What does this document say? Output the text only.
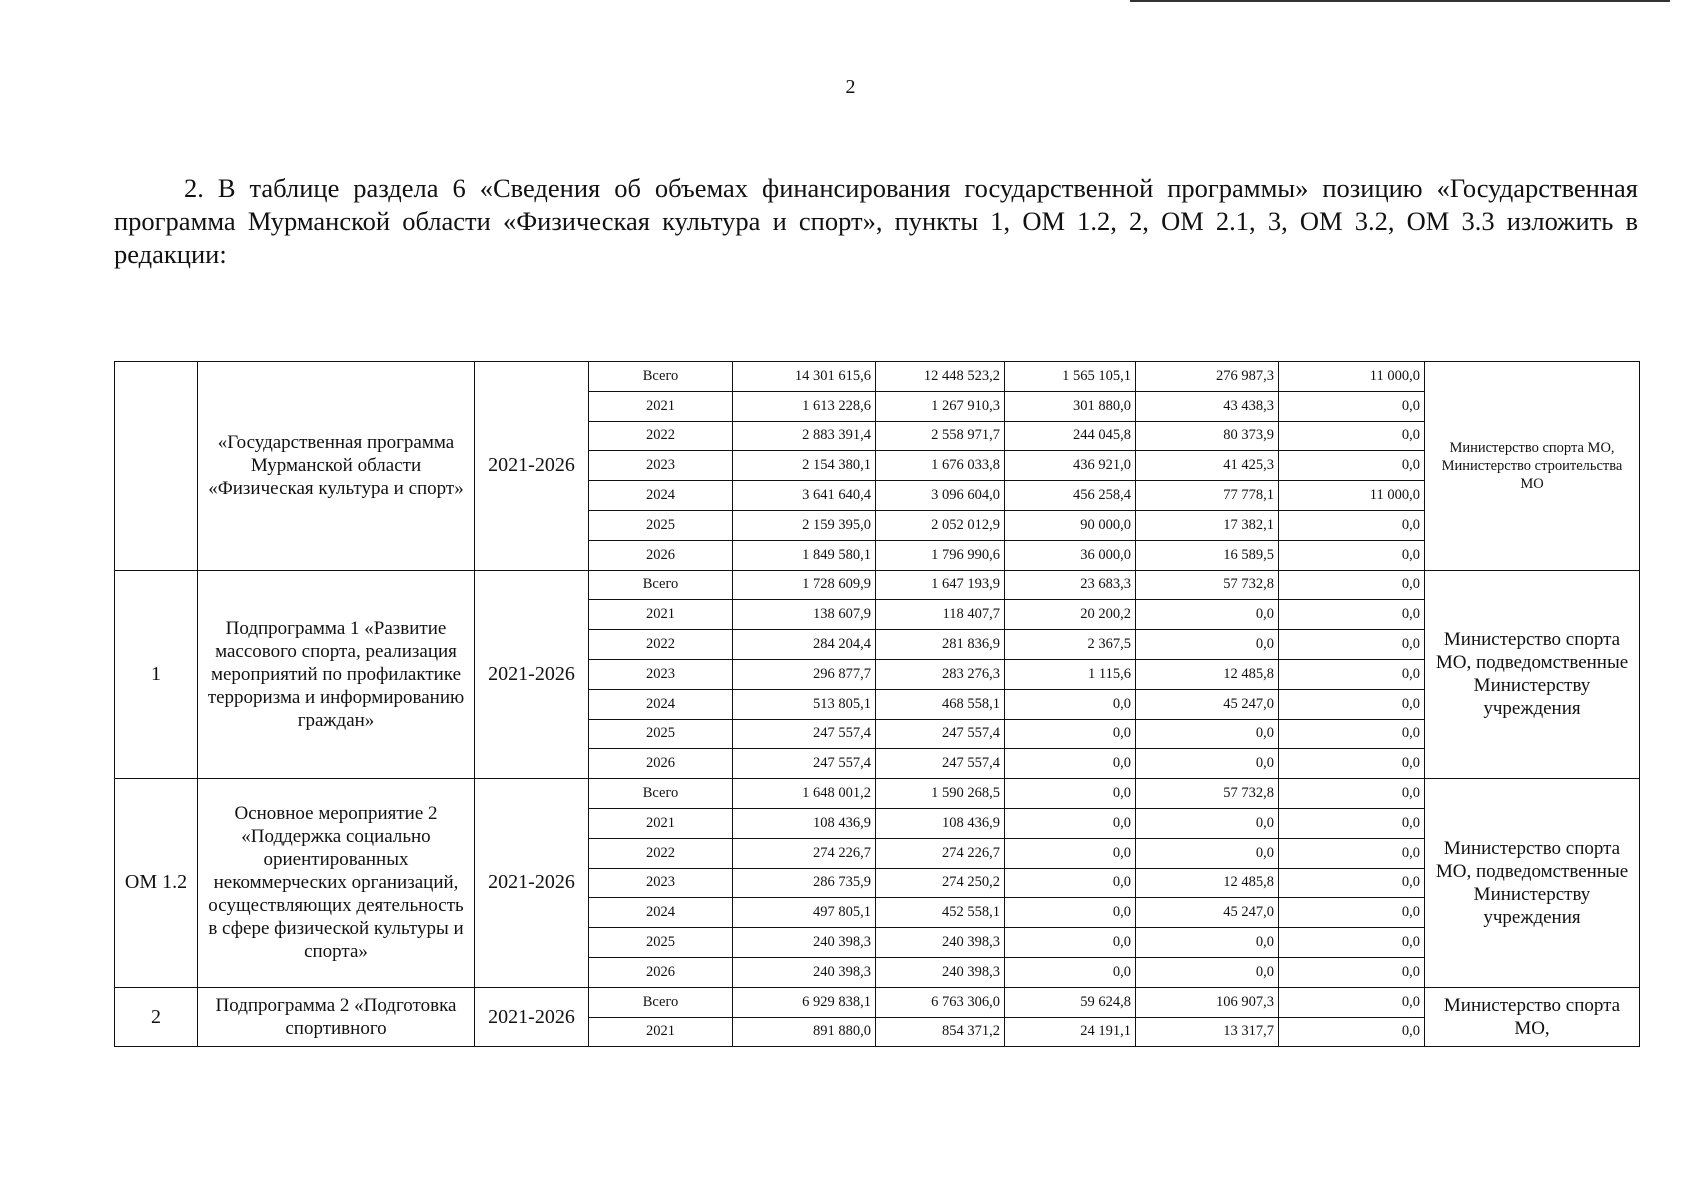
2

2. В таблице раздела 6 «Сведения об объемах финансирования государственной программы» позицию «Государственная программа Мурманской области «Физическая культура и спорт», пункты 1, ОМ 1.2, 2, ОМ 2.1, 3, ОМ 3.2, ОМ 3.3 изложить в редакции:

	«Государственная программа Мурманской области «Физическая культура и спорт»	2021-2026	Всего	14 301 615,6	12 448 523,2	1 565 105,1	276 987,3	11 000,0	Министерство спорта МО, Министерство строительства МО
			2021	1 613 228,6	1 267 910,3	301 880,0	43 438,3	0,0	
			2022	2 883 391,4	2 558 971,7	244 045,8	80 373,9	0,0	
			2023	2 154 380,1	1 676 033,8	436 921,0	41 425,3	0,0	
			2024	3 641 640,4	3 096 604,0	456 258,4	77 778,1	11 000,0	
			2025	2 159 395,0	2 052 012,9	90 000,0	17 382,1	0,0	
			2026	1 849 580,1	1 796 990,6	36 000,0	16 589,5	0,0	
1	Подпрограмма 1 «Развитие массового спорта, реализация мероприятий по профилактике терроризма и информированию граждан»	2021-2026	Всего	1 728 609,9	1 647 193,9	23 683,3	57 732,8	0,0	Министерство спорта МО, подведомственные Министерству учреждения
			2021	138 607,9	118 407,7	20 200,2	0,0	0,0	
			2022	284 204,4	281 836,9	2 367,5	0,0	0,0	
			2023	296 877,7	283 276,3	1 115,6	12 485,8	0,0	
			2024	513 805,1	468 558,1	0,0	45 247,0	0,0	
			2025	247 557,4	247 557,4	0,0	0,0	0,0	
			2026	247 557,4	247 557,4	0,0	0,0	0,0	
ОМ 1.2	Основное мероприятие 2 «Поддержка социально ориентированных некоммерческих организаций, осуществляющих деятельность в сфере физической культуры и спорта»	2021-2026	Всего	1 648 001,2	1 590 268,5	0,0	57 732,8	0,0	Министерство спорта МО, подведомственные Министерству учреждения
			2021	108 436,9	108 436,9	0,0	0,0	0,0	
			2022	274 226,7	274 226,7	0,0	0,0	0,0	
			2023	286 735,9	274 250,2	0,0	12 485,8	0,0	
			2024	497 805,1	452 558,1	0,0	45 247,0	0,0	
			2025	240 398,3	240 398,3	0,0	0,0	0,0	
			2026	240 398,3	240 398,3	0,0	0,0	0,0	
2	Подпрограмма 2 «Подготовка спортивного	2021-2026	Всего	6 929 838,1	6 763 306,0	59 624,8	106 907,3	0,0	Министерство спорта МО,
			2021	891 880,0	854 371,2	24 191,1	13 317,7	0,0	
